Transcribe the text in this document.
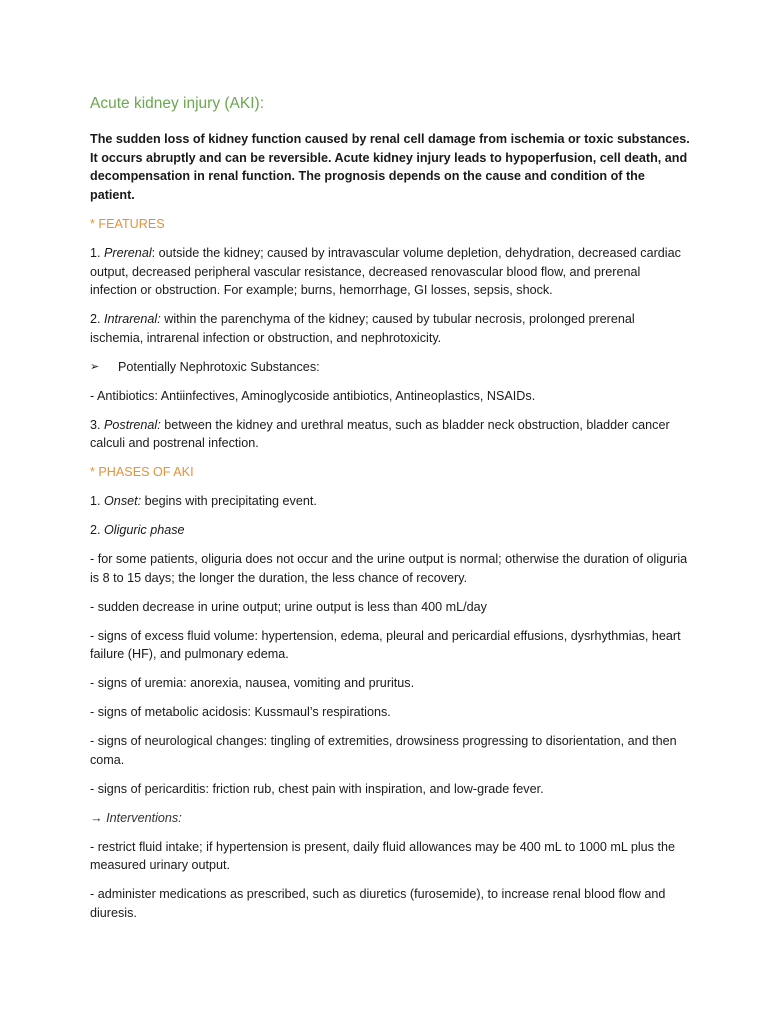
Acute kidney injury (AKI):

The sudden loss of kidney function caused by renal cell damage from ischemia or toxic substances. It occurs abruptly and can be reversible. Acute kidney injury leads to hypoperfusion, cell death, and decompensation in renal function. The prognosis depends on the cause and condition of the patient.

* FEATURES

1. Prerenal: outside the kidney; caused by intravascular volume depletion, dehydration, decreased cardiac output, decreased peripheral vascular resistance, decreased renovascular blood flow, and prerenal infection or obstruction. For example; burns, hemorrhage, GI losses, sepsis, shock.

2. Intrarenal: within the parenchyma of the kidney; caused by tubular necrosis, prolonged prerenal ischemia, intrarenal infection or obstruction, and nephrotoxicity.

➢	Potentially Nephrotoxic Substances:

- Antibiotics: Antiinfectives, Aminoglycoside antibiotics, Antineoplastics, NSAIDs.

3. Postrenal: between the kidney and urethral meatus, such as bladder neck obstruction, bladder cancer calculi and postrenal infection.

* PHASES OF AKI

1. Onset: begins with precipitating event.

2. Oliguric phase

- for some patients, oliguria does not occur and the urine output is normal; otherwise the duration of oliguria is 8 to 15 days; the longer the duration, the less chance of recovery.

- sudden decrease in urine output; urine output is less than 400 mL/day

- signs of excess fluid volume: hypertension, edema, pleural and pericardial effusions, dysrhythmias, heart failure (HF), and pulmonary edema.

- signs of uremia: anorexia, nausea, vomiting and pruritus.

- signs of metabolic acidosis: Kussmaul’s respirations.

- signs of neurological changes: tingling of extremities, drowsiness progressing to disorientation, and then coma.

- signs of pericarditis: friction rub, chest pain with inspiration, and low-grade fever.

→ Interventions:

- restrict fluid intake; if hypertension is present, daily fluid allowances may be 400 mL to 1000 mL plus the measured urinary output.

- administer medications as prescribed, such as diuretics (furosemide), to increase renal blood flow and diuresis.
